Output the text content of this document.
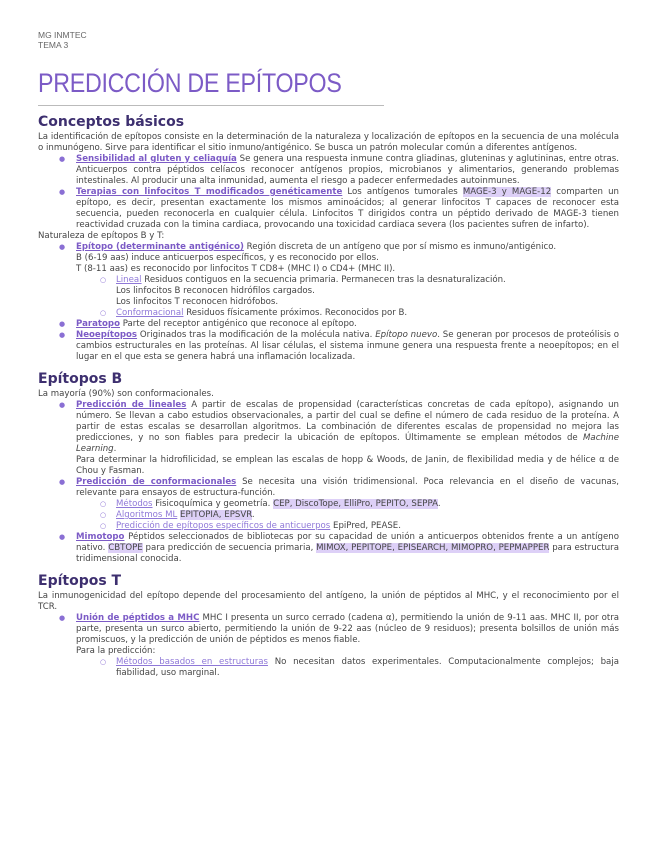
MG INMTEC
TEMA 3
PREDICCIÓN DE EPÍTOPOS
Conceptos básicos

La identificación de epítopos consiste en la determinación de la naturaleza y localización de epítopos en la secuencia de una molécula o inmunógeno. Sirve para identificar el sitio inmuno/antigénico. Se busca un patrón molecular común a diferentes antígenos.

● Sensibilidad al gluten y celiaquía Se genera una respuesta inmune contra gliadinas, gluteninas y aglutininas, entre otras. Anticuerpos contra péptidos celíacos reconocer antígenos propios, microbianos y alimentarios, generando problemas intestinales. Al producir una alta inmunidad, aumenta el riesgo a padecer enfermedades autoinmunes.
● Terapias con linfocitos T modificados genéticamente Los antígenos tumorales MAGE-3 y MAGE-12 comparten un epítopo, es decir, presentan exactamente los mismos aminoácidos; al generar linfocitos T capaces de reconocer esta secuencia, pueden reconocerla en cualquier célula. Linfocitos T dirigidos contra un péptido derivado de MAGE-3 tienen reactividad cruzada con la timina cardiaca, provocando una toxicidad cardiaca severa (los pacientes sufren de infarto).

Naturaleza de epítopos B y T:

● Epítopo (determinante antigénico) Región discreta de un antígeno que por sí mismo es inmuno/antigénico.
B (6-19 aas) induce anticuerpos específicos, y es reconocido por ellos.
T (8-11 aas) es reconocido por linfocitos T CD8+ (MHC I) o CD4+ (MHC II).
○ Lineal Residuos contiguos en la secuencia primaria. Permanecen tras la desnaturalización.
Los linfocitos B reconocen hidrófilos cargados.
Los linfocitos T reconocen hidrófobos.
○ Conformacional Residuos físicamente próximos. Reconocidos por B.
● Paratopo Parte del receptor antigénico que reconoce al epítopo.
● Neoepítopos Originados tras la modificación de la molécula nativa. Epítopo nuevo. Se generan por procesos de proteólisis o cambios estructurales en las proteínas. Al lisar células, el sistema inmune genera una respuesta frente a neoepítopos; en el lugar en el que esta se genera habrá una inflamación localizada.
Epítopos B

La mayoría (90%) son conformacionales.

● Predicción de lineales A partir de escalas de propensidad (características concretas de cada epítopo), asignando un número. Se llevan a cabo estudios observacionales, a partir del cual se define el número de cada residuo de la proteína. A partir de estas escalas se desarrollan algoritmos. La combinación de diferentes escalas de propensidad no mejora las predicciones, y no son fiables para predecir la ubicación de epítopos. Últimamente se emplean métodos de Machine Learning.
Para determinar la hidrofilicidad, se emplean las escalas de hopp & Woods, de Janin, de flexibilidad media y de hélice α de Chou y Fasman.
● Predicción de conformacionales Se necesita una visión tridimensional. Poca relevancia en el diseño de vacunas, relevante para ensayos de estructura-función.
○ Métodos Fisicoquímica y geometría. CEP, DiscoTope, ElliPro, PEPITO, SEPPA.
○ Algoritmos ML EPITOPIA, EPSVR.
○ Predicción de epítopos específicos de anticuerpos EpiPred, PEASE.
● Mimotopo Péptidos seleccionados de bibliotecas por su capacidad de unión a anticuerpos obtenidos frente a un antígeno nativo. CBTOPE para predicción de secuencia primaria, MIMOX, PEPITOPE, EPISEARCH, MIMOPRO, PEPMAPPER para estructura tridimensional conocida.
Epítopos T

La inmunogenicidad del epítopo depende del procesamiento del antígeno, la unión de péptidos al MHC, y el reconocimiento por el TCR.

● Unión de péptidos a MHC MHC I presenta un surco cerrado (cadena α), permitiendo la unión de 9-11 aas. MHC II, por otra parte, presenta un surco abierto, permitiendo la unión de 9-22 aas (núcleo de 9 residuos); presenta bolsillos de unión más promiscuos, y la predicción de unión de péptidos es menos fiable.
Para la predicción:
○ Métodos basados en estructuras No necesitan datos experimentales. Computacionalmente complejos; baja fiabilidad, uso marginal.
